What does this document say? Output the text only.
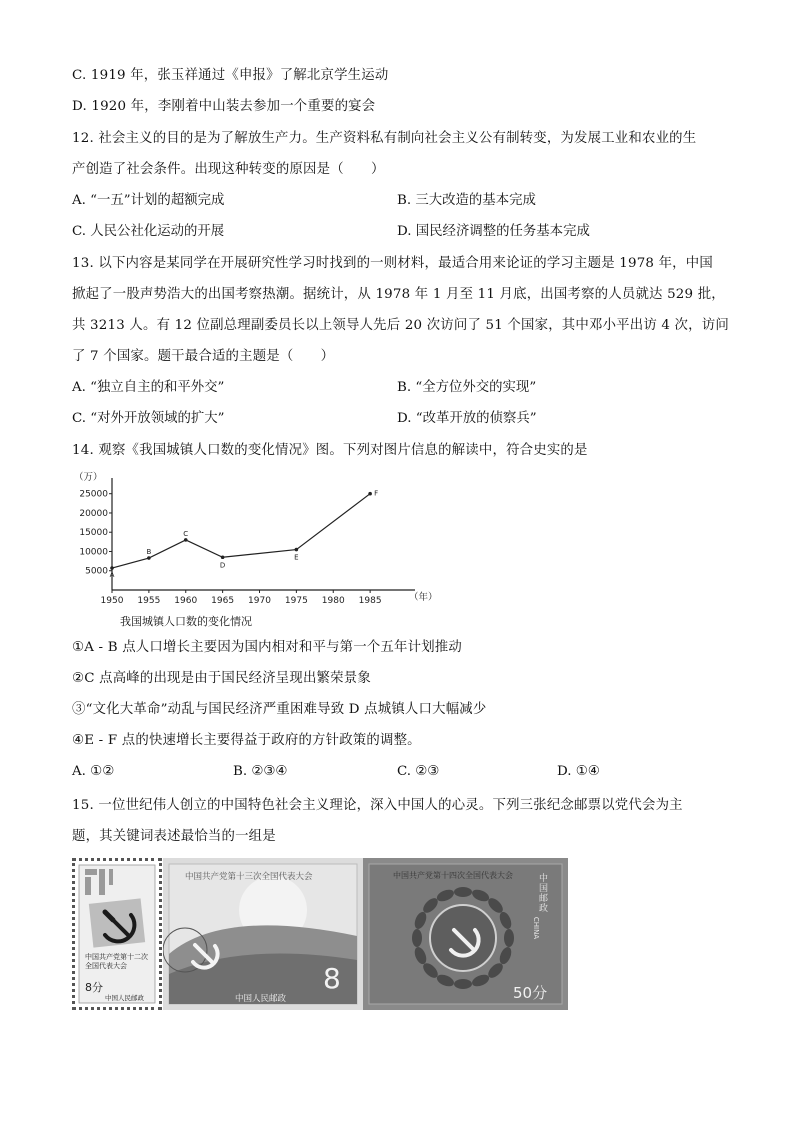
C. 1919 年，张玉祥通过《申报》了解北京学生运动
D. 1920 年，李刚着中山装去参加一个重要的宴会
12. 社会主义的目的是为了解放生产力。生产资料私有制向社会主义公有制转变，为发展工业和农业的生
产创造了社会条件。出现这种转变的原因是（　　）
A. “一五”计划的超额完成	B. 三大改造的基本完成
C. 人民公社化运动的开展	D. 国民经济调整的任务基本完成
13. 以下内容是某同学在开展研究性学习时找到的一则材料，最适合用来论证的学习主题是 1978 年，中国
掀起了一股声势浩大的出国考察热潮。据统计，从 1978 年 1 月至 11 月底，出国考察的人员就达 529 批，
共 3213 人。有 12 位副总理副委员长以上领导人先后 20 次访问了 51 个国家，其中邓小平出访 4 次，访问
了 7 个国家。题干最合适的主题是（　　）
A. “独立自主的和平外交”	B. “全方位外交的实现”
C. “对外开放领域的扩大”	D. “改革开放的侦察兵”
14. 观察《我国城镇人口数的变化情况》图。下列对图片信息的解读中，符合史实的是
5000
10000
15000
20000
25000
1950 1955 1960 1965 1970 1975 1980 1985
A
B
C
D
E
F
（万）
（年）
我国城镇人口数的变化情况
①A - B 点人口增长主要因为国内相对和平与第一个五年计划推动
②C 点高峰的出现是由于国民经济呈现出繁荣景象
③“文化大革命”动乱与国民经济严重困难导致 D 点城镇人口大幅减少
④E - F 点的快速增长主要得益于政府的方针政策的调整。
A. ①②	B. ②③④	C. ②③	D. ①④
15. 一位世纪伟人创立的中国特色社会主义理论，深入中国人的心灵。下列三张纪念邮票以党代会为主
题，其关键词表述最恰当的一组是
中国共产党第十二次全国代表大会
8分
中国人民邮政
中国共产党第十三次全国代表大会
8
中国人民邮政
中国共产党第十四次全国代表大会	中国邮政
CHINA
50分
